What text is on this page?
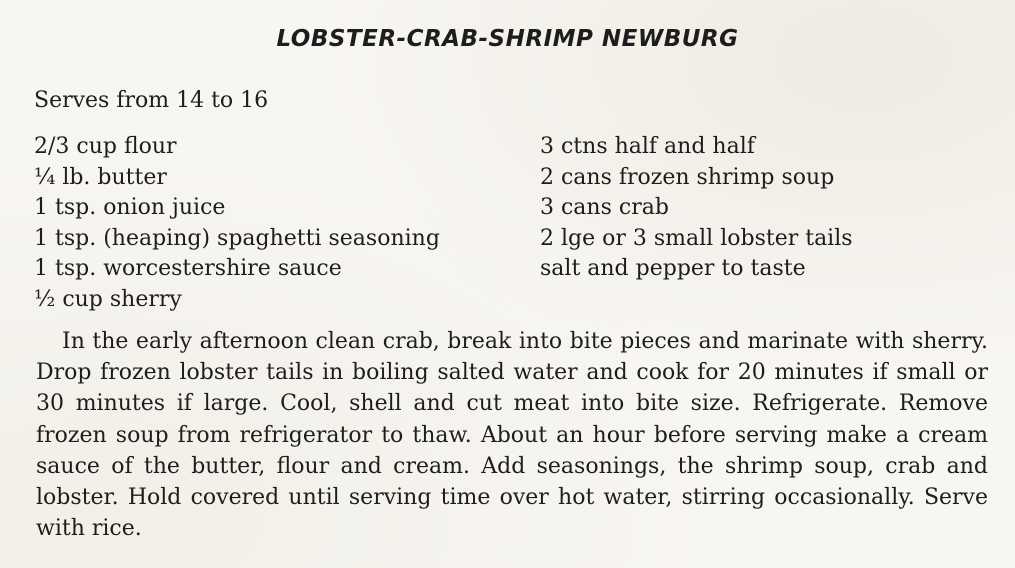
LOBSTER-CRAB-SHRIMP NEWBURG

Serves from 14 to 16

2/3 cup flour
¼ lb. butter
1 tsp. onion juice
1 tsp. (heaping) spaghetti seasoning
1 tsp. worcestershire sauce
½ cup sherry
3 ctns half and half
2 cans frozen shrimp soup
3 cans crab
2 lge or 3 small lobster tails
salt and pepper to taste

In the early afternoon clean crab, break into bite pieces and marinate with sherry. Drop frozen lobster tails in boiling salted water and cook for 20 minutes if small or 30 minutes if large. Cool, shell and cut meat into bite size. Refrigerate. Remove frozen soup from refrigerator to thaw. About an hour before serving make a cream sauce of the butter, flour and cream. Add seasonings, the shrimp soup, crab and lobster. Hold covered until serving time over hot water, stirring occasionally. Serve with rice.
